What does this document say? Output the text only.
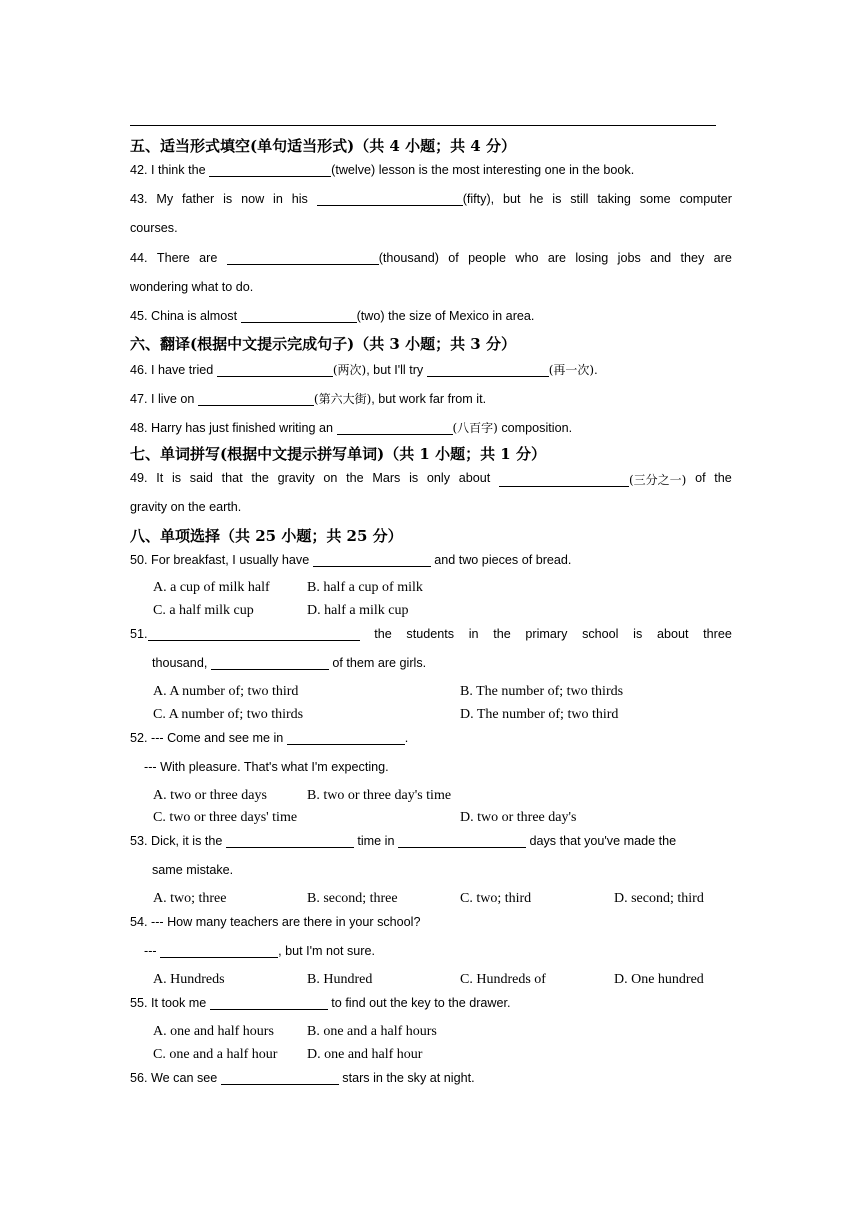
五、适当形式填空(单句适当形式)（共 4 小题；共 4 分）
42. I think the	(twelve) lesson is the most interesting one in the book.
43. My father is now in his	(fifty), but he is still taking some computer
courses.
44. There are	(thousand) of people who are losing jobs and they are
wondering what to do.
45. China is almost	(two) the size of Mexico in area.
六、翻译(根据中文提示完成句子)（共 3 小题；共 3 分）
46. I have tried	(两次), but I'll try	(再一次).
47. I live on	(第六大街), but work far from it.
48. Harry has just finished writing an	(八百字) composition.
七、单词拼写(根据中文提示拼写单词)（共 1 小题；共 1 分）
49. It is said that the gravity on the Mars is only about	(三分之一) of the
gravity on the earth.
八、单项选择（共 25 小题；共 25 分）
50. For breakfast, I usually have	and two pieces of bread.
A. a cup of milk half	B. half a cup of milk
C. a half milk cup	D. half a milk cup
51.	the students in the primary school is about three
thousand,	of them are girls.
A. A number of; two third	B. The number of; two thirds
C. A number of; two thirds	D. The number of; two third
52. --- Come and see me in	.
--- With pleasure. That's what I'm expecting.
A. two or three days	B. two or three day's time
C. two or three days' time	D. two or three day's
53. Dick, it is the	time in	days that you've made the
same mistake.
A. two; three	B. second; three	C. two; third	D. second; third
54. --- How many teachers are there in your school?
---	, but I'm not sure.
A. Hundreds	B. Hundred	C. Hundreds of	D. One hundred
55. It took me	to find out the key to the drawer.
A. one and half hours B. one and a half hours
C. one and a half hour D. one and half hour
56. We can see	stars in the sky at night.
